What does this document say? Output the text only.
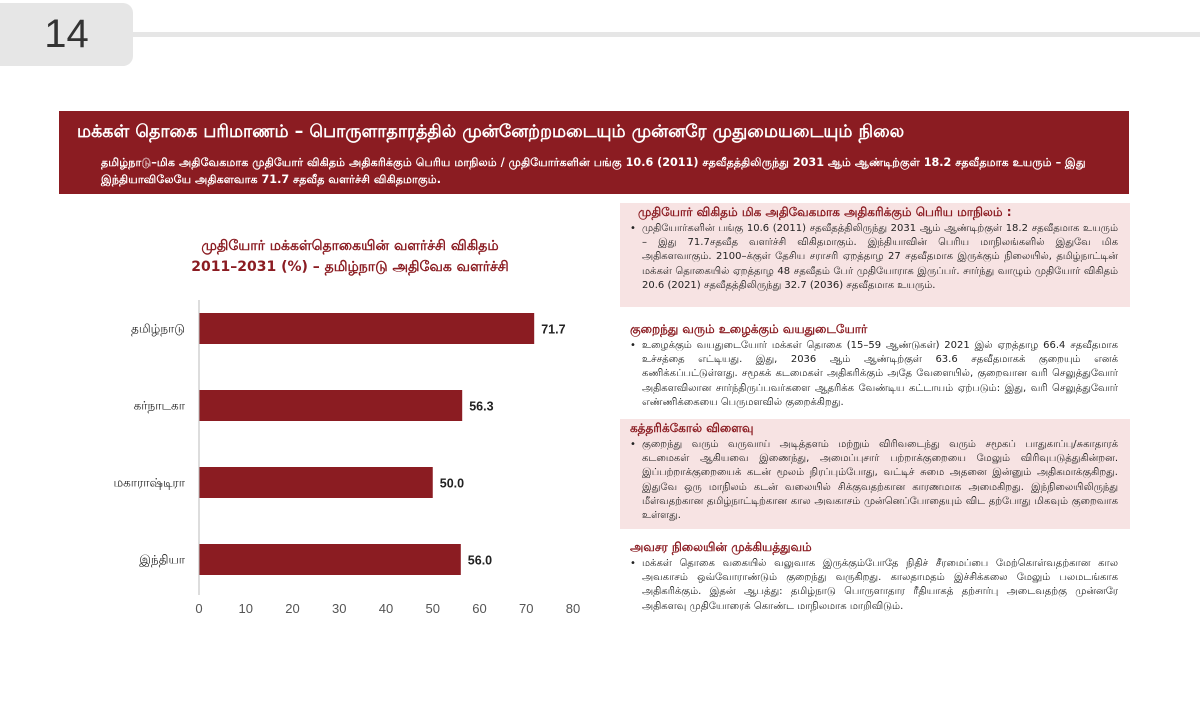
14
மக்கள் தொகை பரிமாணம் – பொருளாதாரத்தில் முன்னேற்றமடையும் முன்னரே முதுமையடையும் நிலை
தமிழ்நாடு–மிக அதிவேகமாக முதியோர் விகிதம் அதிகரிக்கும் பெரிய மாநிலம் / முதியோர்களின் பங்கு 10.6 (2011) சதவீதத்திலிருந்து 2031 ஆம் ஆண்டிற்குள் 18.2 சதவீதமாக உயரும் – இது இந்தியாவிலேயே அதிகளவாக 71.7 சதவீத வளர்ச்சி விகிதமாகும்.
முதியோர் மக்கள்தொகையின் வளர்ச்சி விகிதம்
2011–2031 (%) – தமிழ்நாடு அதிவேக வளர்ச்சி
தமிழ்நாடு	71.7
கர்நாடகா	56.3
மகாராஷ்டிரா	50.0
இந்தியா	56.0
0	10 20 30 40 50 60 70 80
முதியோர் விகிதம் மிக அதிவேகமாக அதிகரிக்கும் பெரிய மாநிலம் :
• முதியோர்களின் பங்கு 10.6 (2011) சதவீதத்திலிருந்து 2031 ஆம் ஆண்டிற்குள் 18.2 சதவீதமாக உயரும் – இது 71.7சதவீத வளர்ச்சி விகிதமாகும். இந்தியாவின் பெரிய மாநிலங்களில் இதுவே மிக அதிகளவாகும். 2100–க்குள் தேசிய சராசரி ஏறத்தாழ 27 சதவீதமாக இருக்கும் நிலையில், தமிழ்நாட்டின் மக்கள் தொகையில் ஏறத்தாழ 48 சதவீதம் பேர் முதியோராக இருப்பர். சார்ந்து வாழும் முதியோர் விகிதம் 20.6 (2021) சதவீதத்திலிருந்து 32.7 (2036) சதவீதமாக உயரும்.
குறைந்து வரும் உழைக்கும் வயதுடையோர்
• உழைக்கும் வயதுடையோர் மக்கள் தொகை (15–59 ஆண்டுகள்) 2021 இல் ஏறத்தாழ 66.4 சதவீதமாக உச்சத்தை எட்டியது. இது, 2036 ஆம் ஆண்டிற்குள் 63.6 சதவீதமாகக் குறையும் எனக் கணிக்கப்பட்டுள்ளது. சமூகக் கடமைகள் அதிகரிக்கும் அதே வேளையில், குறைவான வரி செலுத்துவோர் அதிகளவிலான சார்ந்திருப்பவர்களை ஆதரிக்க வேண்டிய கட்டாயம் ஏற்படும்: இது, வரி செலுத்துவோர் எண்ணிக்கையை பெருமளவில் குறைக்கிறது.
கத்தரிக்கோல் விளைவு
• குறைந்து வரும் வருவாய் அடித்தளம் மற்றும் விரிவடைந்து வரும் சமூகப் பாதுகாப்பு/சுகாதாரக் கடமைகள் ஆகியவை இணைந்து, அமைப்புசார் பற்றாக்குறையை மேலும் விரிவுபடுத்துகின்றன. இப்பற்றாக்குறையைக் கடன் மூலம் நிரப்பும்போது, வட்டிச் சுமை அதனை இன்னும் அதிகமாக்குகிறது. இதுவே ஒரு மாநிலம் கடன் வலையில் சிக்குவதற்கான காரணமாக அமைகிறது. இந்நிலையிலிருந்து மீள்வதற்கான தமிழ்நாட்டிற்கான கால அவகாசம் முன்னெப்போதையும் விட தற்போது மிகவும் குறைவாக உள்ளது.
அவசர நிலையின் முக்கியத்துவம்
• மக்கள் தொகை வகையில் வலுவாக இருக்கும்போதே நிதிச் சீரமைப்பை மேற்கொள்வதற்கான கால அவகாசம் ஒவ்வோராண்டும் குறைந்து வருகிறது. காலதாமதம் இச்சிக்கலை மேலும் பலமடங்காக அதிகரிக்கும். இதன் ஆபத்து: தமிழ்நாடு பொருளாதார ரீதியாகத் தற்சார்பு அடைவதற்கு முன்னரே அதிகளவு முதியோரைக் கொண்ட மாநிலமாக மாறிவிடும்.
